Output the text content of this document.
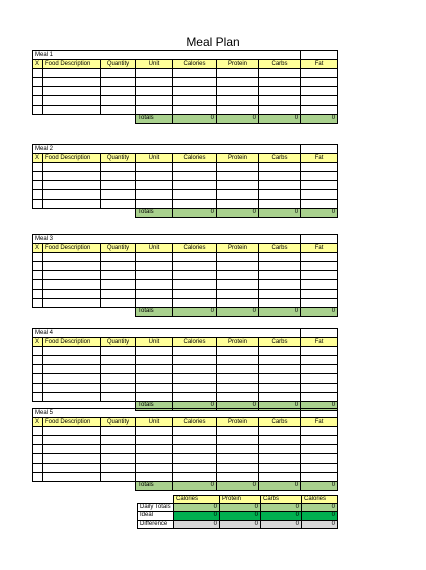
Meal Plan
Meal 1							
X	Food Description	Quantity	Unit	Calories	Protein	Carbs	Fat

			Totals	0	0	0	0
Meal 2							
X	Food Description	Quantity	Unit	Calories	Protein	Carbs	Fat

			Totals	0	0	0	0
Meal 3							
X	Food Description	Quantity	Unit	Calories	Protein	Carbs	Fat

			Totals	0	0	0	0
Meal 4							
X	Food Description	Quantity	Unit	Calories	Protein	Carbs	Fat

			Totals	0	0	0	0
Meal 5							
X	Food Description	Quantity	Unit	Calories	Protein	Carbs	Fat

			Totals	0	0	0	0
	Calories	Protein	Carbs	Calories
Daily Totals	0	0	0	0
Ideal	0	0	0	0
Difference	0	0	0	0
